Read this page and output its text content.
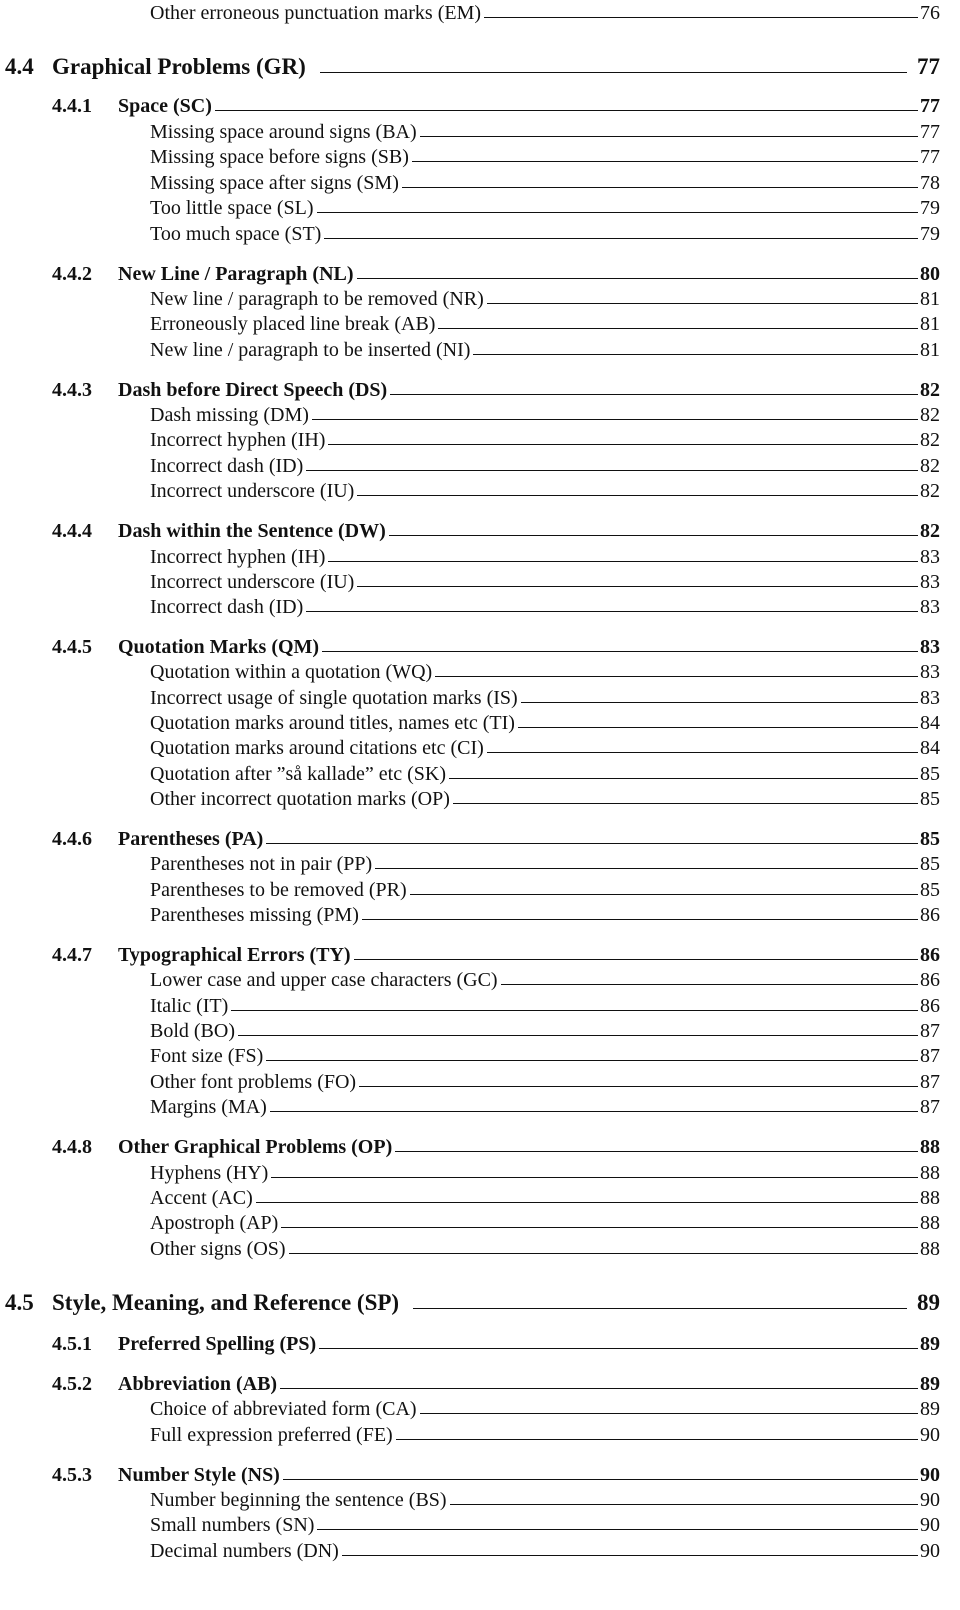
Other erroneous punctuation marks (EM)	76
4.4 Graphical Problems (GR)	77
4.4.1	Space (SC)	77
Missing space around signs (BA)	77
Missing space before signs (SB)	77
Missing space after signs (SM)	78
Too little space (SL)	79
Too much space (ST)	79
4.4.2	New Line / Paragraph (NL)	80
New line / paragraph to be removed (NR)	81
Erroneously placed line break (AB)	81
New line / paragraph to be inserted (NI)	81
4.4.3	Dash before Direct Speech (DS)	82
Dash missing (DM)	82
Incorrect hyphen (IH)	82
Incorrect dash (ID)	82
Incorrect underscore (IU)	82
4.4.4	Dash within the Sentence (DW)	82
Incorrect hyphen (IH)	83
Incorrect underscore (IU)	83
Incorrect dash (ID)	83
4.4.5	Quotation Marks (QM)	83
Quotation within a quotation (WQ)	83
Incorrect usage of single quotation marks (IS)	83
Quotation marks around titles, names etc (TI)	84
Quotation marks around citations etc (CI)	84
Quotation after ”så kallade” etc (SK)	85
Other incorrect quotation marks (OP)	85
4.4.6	Parentheses (PA)	85
Parentheses not in pair (PP)	85
Parentheses to be removed (PR)	85
Parentheses missing (PM)	86
4.4.7	Typographical Errors (TY)	86
Lower case and upper case characters (GC)	86
Italic (IT)	86
Bold (BO)	87
Font size (FS)	87
Other font problems (FO)	87
Margins (MA)	87
4.4.8	Other Graphical Problems (OP)	88
Hyphens (HY)	88
Accent (AC)	88
Apostroph (AP)	88
Other signs (OS)	88
4.5 Style, Meaning, and Reference (SP)	89
4.5.1	Preferred Spelling (PS)	89
4.5.2	Abbreviation (AB)	89
Choice of abbreviated form (CA)	89
Full expression preferred (FE)	90
4.5.3	Number Style (NS)	90
Number beginning the sentence (BS)	90
Small numbers (SN)	90
Decimal numbers (DN)	90
